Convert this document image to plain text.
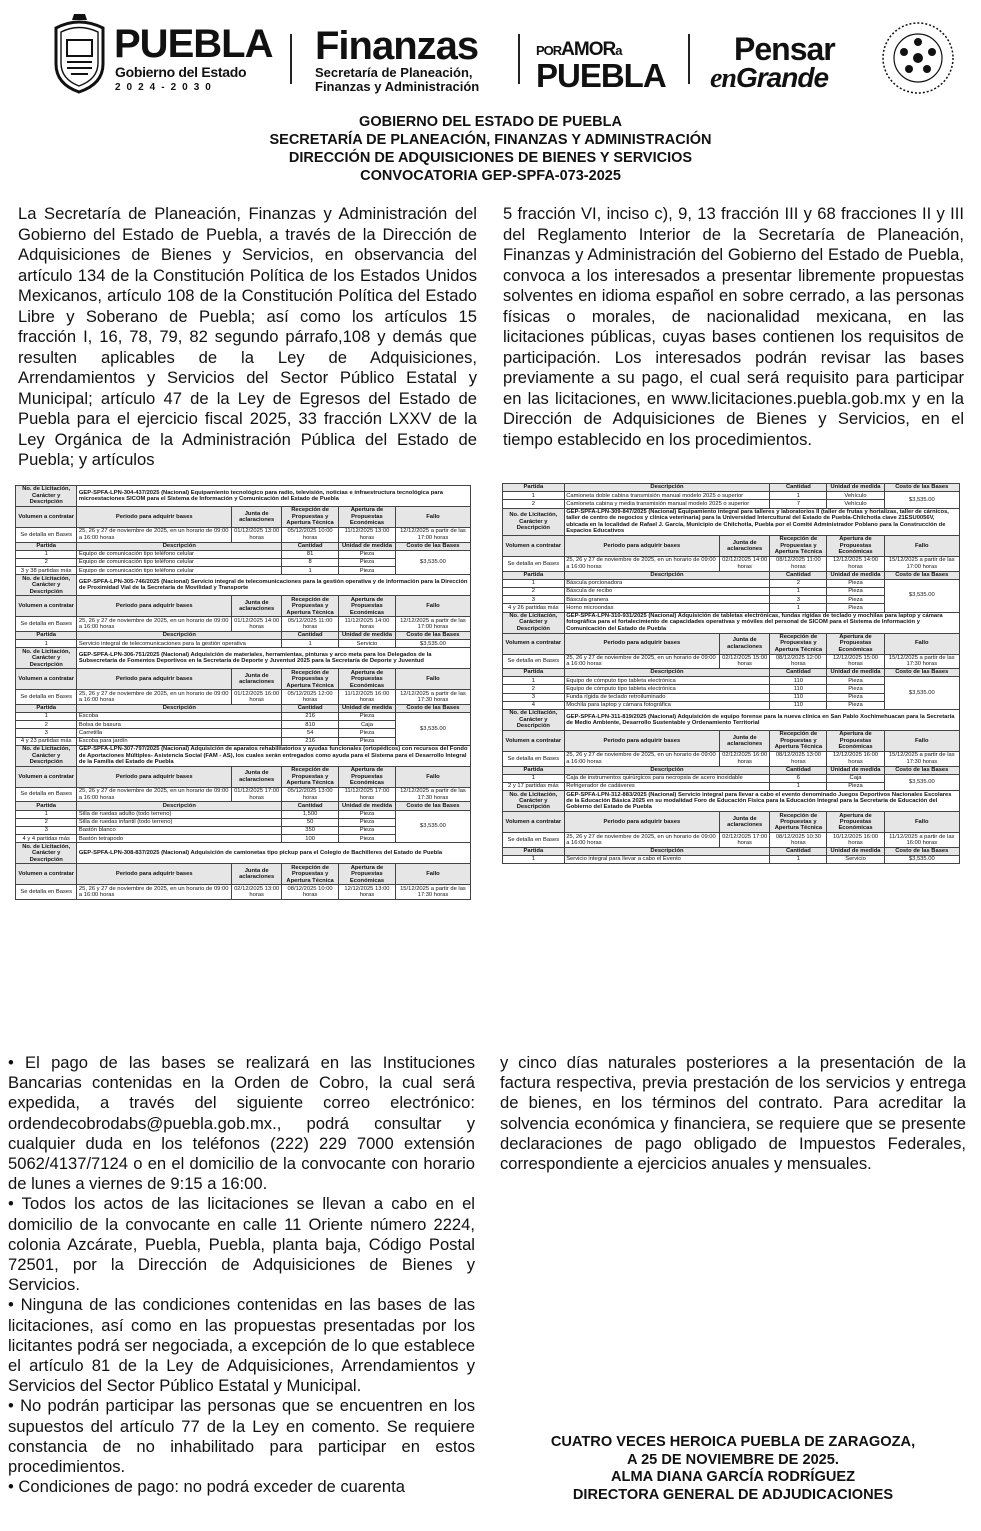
PUEBLA
Gobierno del Estado
2024-2030
Finanzas
Secretaría de Planeación, Finanzas y Administración
PORAMORa
PUEBLA
Pensar
enGrande
GOBIERNO DEL ESTADO DE PUEBLA
SECRETARÍA DE PLANEACIÓN, FINANZAS Y ADMINISTRACIÓN
DIRECCIÓN DE ADQUISICIONES DE BIENES Y SERVICIOS
CONVOCATORIA GEP-SPFA-073-2025
La Secretaría de Planeación, Finanzas y Administración del Gobierno del Estado de Puebla, a través de la Dirección de Adquisiciones de Bienes y Servicios, en observancia del artículo 134 de la Constitución Política de los Estados Unidos Mexicanos, artículo 108 de la Constitución Política del Estado Libre y Soberano de Puebla; así como los artículos 15 fracción I, 16, 78, 79, 82 segundo párrafo,108 y demás que resulten aplicables de la Ley de Adquisiciones, Arrendamientos y Servicios del Sector Público Estatal y Municipal; artículo 47 de la Ley de Egresos del Estado de Puebla para el ejercicio fiscal 2025, 33 fracción LXXV de la Ley Orgánica de la Administración Pública del Estado de Puebla; y artículos
5 fracción VI, inciso c), 9, 13 fracción III y 68 fracciones II y III del Reglamento Interior de la Secretaría de Planeación, Finanzas y Administración del Gobierno del Estado de Puebla, convoca a los interesados a presentar libremente propuestas solventes en idioma español en sobre cerrado, a las personas físicas o morales, de nacionalidad mexicana, en las licitaciones públicas, cuyas bases contienen los requisitos de participación. Los interesados podrán revisar las bases previamente a su pago, el cual será requisito para participar en las licitaciones, en www.licitaciones.puebla.gob.mx y en la Dirección de Adquisiciones de Bienes y Servicios, en el tiempo establecido en los procedimientos.
No. de Licitación, Carácter y Descripción	GEP-SPFA-LPN-304-437/2025 (Nacional) Equipamiento tecnológico para radio, televisión, noticias e infraestructura tecnológica para microestaciones SICOM para el Sistema de Información y Comunicación del Estado de Puebla				
Volumen a contratar	Periodo para adquirir bases	Junta de aclaraciones	Recepción de Propuestas y Apertura Técnica	Apertura de Propuestas Económicas	Fallo
Se detalla en Bases	25, 26 y 27 de noviembre de 2025, en un horario de 09:00 a 16:00 horas	01/12/2025 13:00 horas	05/12/2025 10:00 horas	11/12/2025 13:00 horas	12/12/2025 a partir de las 17:00 horas
Partida	Descripción		Cantidad	Unidad de medida	Costo de las Bases
1	Equipo de comunicación tipo teléfono celular		81	Pieza	$3,535.00
2	Equipo de comunicación tipo teléfono celular		8	Pieza	
3 y 38 partidas más	Equipo de comunicación tipo teléfono celular		1	Pieza	
No. de Licitación, Carácter y Descripción	GEP-SPFA-LPN-305-746/2025 (Nacional) Servicio integral de telecomunicaciones para la gestión operativa y de información para la Dirección de Proximidad Vial de la Secretaría de Movilidad y Transporte				
Volumen a contratar	Periodo para adquirir bases	Junta de aclaraciones	Recepción de Propuestas y Apertura Técnica	Apertura de Propuestas Económicas	Fallo
Se detalla en Bases	25, 26 y 27 de noviembre de 2025, en un horario de 09:00 a 16:00 horas	01/12/2025 14:00 horas	05/12/2025 11:00 horas	11/12/2025 14:00 horas	12/12/2025 a partir de las 17:00 horas
Partida	Descripción		Cantidad	Unidad de medida	Costo de las Bases
1	Servicio integral de telecomunicaciones para la gestión operativa		1	Servicio	$3,535.00
No. de Licitación, Carácter y Descripción	GEP-SPFA-LPN-306-751/2025 (Nacional) Adquisición de materiales, herramientas, pinturas y arco meta para los Delegados de la Subsecretaría de Fomentos Deportivos en la Secretaría de Deporte y Juventud 2025 para la Secretaría de Deporte y Juventud				
Volumen a contratar	Periodo para adquirir bases	Junta de aclaraciones	Recepción de Propuestas y Apertura Técnica	Apertura de Propuestas Económicas	Fallo
Se detalla en Bases	25, 26 y 27 de noviembre de 2025, en un horario de 09:00 a 16:00 horas	01/12/2025 16:00 horas	05/12/2025 12:00 horas	11/12/2025 16:00 horas	12/12/2025 a partir de las 17:30 horas
Partida	Descripción		Cantidad	Unidad de medida	Costo de las Bases
1	Escoba		216	Pieza	$3,535.00
2	Bolsa de basura		810	Caja	
3	Carretilla		54	Pieza	
4 y 23 partidas más	Escoba para jardín		216	Pieza	
No. de Licitación, Carácter y Descripción	GEP-SPFA-LPN-307-797/2025 (Nacional) Adquisición de aparatos rehabilitatorios y ayudas funcionales (ortopédicos) con recursos del Fondo de Aportaciones Múltiples- Asistencia Social (FAM - AS), los cuales serán entregados como ayuda para el Sistema para el Desarrollo Integral de la Familia del Estado de Puebla				
Volumen a contratar	Periodo para adquirir bases	Junta de aclaraciones	Recepción de Propuestas y Apertura Técnica	Apertura de Propuestas Económicas	Fallo
Se detalla en Bases	25, 26 y 27 de noviembre de 2025, en un horario de 09:00 a 16:00 horas	01/12/2025 17:00 horas	05/12/2025 13:00 horas	11/12/2025 17:00 horas	12/12/2025 a partir de las 17:30 horas
Partida	Descripción		Cantidad	Unidad de medida	Costo de las Bases
1	Silla de ruedas adulto (todo terreno)		1,500	Pieza	$3,535.00
2	Silla de ruedas infantil (todo terreno)		50	Pieza	
3	Bastón blanco		350	Pieza	
4 y 4 partidas más	Bastón tetrapodo		100	Pieza	
No. de Licitación, Carácter y Descripción	GEP-SPFA-LPN-308-837/2025 (Nacional) Adquisición de camionetas tipo pickup para el Colegio de Bachilleres del Estado de Puebla				
Volumen a contratar	Periodo para adquirir bases	Junta de aclaraciones	Recepción de Propuestas y Apertura Técnica	Apertura de Propuestas Económicas	Fallo
Se detalla en Bases	25, 26 y 27 de noviembre de 2025, en un horario de 09:00 a 16:00 horas	02/12/2025 13:00 horas	08/12/2025 10:00 horas	12/12/2025 13:00 horas	15/12/2025 a partir de las 17:30 horas
Partida	Descripción		Cantidad	Unidad de medida	Costo de las Bases
1	Camioneta doble cabina transmisión manual modelo 2025 o superior		1	Vehículo	$3,535.00
2	Camioneta cabina y media transmisión manual modelo 2025 o superior		7	Vehículo	
No. de Licitación, Carácter y Descripción	GEP-SPFA-LPN-309-847/2025 (Nacional) Equipamiento integral para talleres y laboratorios II (taller de frutas y hortalizas, taller de cárnicos, taller de centro de negocios y clínica veterinaria) para la Universidad Intercultural del Estado de Puebla-Chilchotla clave 21ESU0056V, ubicada en la localidad de Rafael J. García, Municipio de Chilchotla, Puebla por el Comité Administrador Poblano para la Construcción de Espacios Educativos				
Volumen a contratar	Periodo para adquirir bases	Junta de aclaraciones	Recepción de Propuestas y Apertura Técnica	Apertura de Propuestas Económicas	Fallo
Se detalla en Bases	25, 26 y 27 de noviembre de 2025, en un horario de 09:00 a 16:00 horas	02/12/2025 14:00 horas	08/12/2025 11:00 horas	12/12/2025 14:00 horas	15/12/2025 a partir de las 17:00 horas
Partida	Descripción		Cantidad	Unidad de medida	Costo de las Bases
1	Báscula porcionadora		2	Pieza	$3,535.00
2	Báscula de recibo		1	Pieza	
3	Báscula granera		3	Pieza	
4 y 26 partidas más	Horno microondas		1	Pieza	
No. de Licitación, Carácter y Descripción	GEP-SPFA-LPN-310-931/2025 (Nacional) Adquisición de tabletas electrónicas, fundas rígidas de teclado y mochilas para laptop y cámara fotográfica para el fortalecimiento de capacidades operativas y móviles del personal de SICOM para el Sistema de Información y Comunicación del Estado de Puebla				
Volumen a contratar	Periodo para adquirir bases	Junta de aclaraciones	Recepción de Propuestas y Apertura Técnica	Apertura de Propuestas Económicas	Fallo
Se detalla en Bases	25, 26 y 27 de noviembre de 2025, en un horario de 09:00 a 16:00 horas	02/12/2025 15:00 horas	08/12/2025 12:00 horas	12/12/2025 15:00 horas	15/12/2025 a partir de las 17:30 horas
Partida	Descripción		Cantidad	Unidad de medida	Costo de las Bases
1	Equipo de cómputo tipo tableta electrónica		110	Pieza	$3,535.00
2	Equipo de cómputo tipo tableta electrónica		110	Pieza	
3	Funda rígida de teclado retroiluminado		110	Pieza	
4	Mochila para laptop y cámara fotográfica		110	Pieza	
No. de Licitación, Carácter y Descripción	GEP-SPFA-LPN-311-819/2025 (Nacional) Adquisición de equipo forense para la nueva clínica en San Pablo Xochimehuacan para la Secretaría de Medio Ambiente, Desarrollo Sustentable y Ordenamiento Territorial				
Volumen a contratar	Periodo para adquirir bases	Junta de aclaraciones	Recepción de Propuestas y Apertura Técnica	Apertura de Propuestas Económicas	Fallo
Se detalla en Bases	25, 26 y 27 de noviembre de 2025, en un horario de 09:00 a 16:00 horas	02/12/2025 16:00 horas	08/12/2025 13:00 horas	12/12/2025 16:00 horas	15/12/2025 a partir de las 17:30 horas
Partida	Descripción		Cantidad	Unidad de medida	Costo de las Bases
1	Caja de instrumentos quirúrgicos para necropsia de acero inoxidable		6	Caja	$3,535.00
2 y 17 partidas más	Refrigerador de cadáveres		1	Pieza	
No. de Licitación, Carácter y Descripción	GEP-SPFA-LPN-312-883/2025 (Nacional) Servicio integral para llevar a cabo el evento denominado Juegos Deportivos Nacionales Escolares de la Educación Básica 2025 en su modalidad Foro de Educación Física para la Educación Integral para la Secretaría de Educación del Gobierno del Estado de Puebla				
Volumen a contratar	Periodo para adquirir bases	Junta de aclaraciones	Recepción de Propuestas y Apertura Técnica	Apertura de Propuestas Económicas	Fallo
Se detalla en Bases	25, 26 y 27 de noviembre de 2025, en un horario de 09:00 a 16:00 horas	02/12/2025 17:00 horas	08/12/2025 10:30 horas	10/12/2025 16:00 horas	11/12/2025 a partir de las 16:00 horas
Partida	Descripción		Cantidad	Unidad de medida	Costo de las Bases
1	Servicio integral para llevar a cabo el Evento		1	Servicio	$3,535.00

• El pago de las bases se realizará en las Instituciones Bancarias contenidas en la Orden de Cobro, la cual será expedida, a través del siguiente correo electrónico: ordendecobrodabs@puebla.gob.mx., podrá consultar y cualquier duda en los teléfonos (222) 229 7000 extensión 5062/4137/7124 o en el domicilio de la convocante con horario de lunes a viernes de 9:15 a 16:00.

• Todos los actos de las licitaciones se llevan a cabo en el domicilio de la convocante en calle 11 Oriente número 2224, colonia Azcárate, Puebla, Puebla, planta baja, Código Postal 72501, por la Dirección de Adquisiciones de Bienes y Servicios.

• Ninguna de las condiciones contenidas en las bases de las licitaciones, así como en las propuestas presentadas por los licitantes podrá ser negociada, a excepción de lo que establece el artículo 81 de la Ley de Adquisiciones, Arrendamientos y Servicios del Sector Público Estatal y Municipal.

• No podrán participar las personas que se encuentren en los supuestos del artículo 77 de la Ley en comento. Se requiere constancia de no inhabilitado para participar en estos procedimientos.

• Condiciones de pago: no podrá exceder de cuarenta

y cinco días naturales posteriores a la presentación de la factura respectiva, previa prestación de los servicios y entrega de bienes, en los términos del contrato. Para acreditar la solvencia económica y financiera, se requiere que se presente declaraciones de pago obligado de Impuestos Federales, correspondiente a ejercicios anuales y mensuales.
CUATRO VECES HEROICA PUEBLA DE ZARAGOZA,
A 25 DE NOVIEMBRE DE 2025.
ALMA DIANA GARCÍA RODRÍGUEZ
DIRECTORA GENERAL DE ADJUDICACIONES
